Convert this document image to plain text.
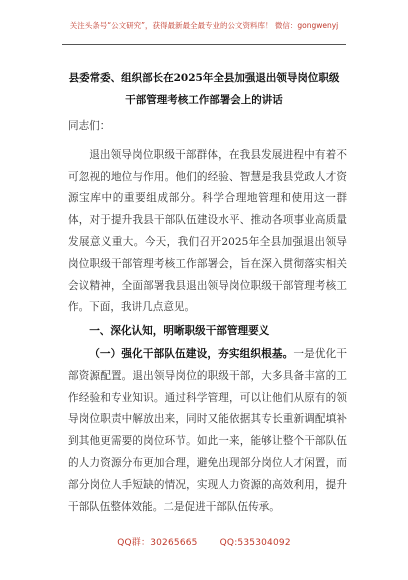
关注头条号“公文研究”，获得最新最全最专业的公文资料库！ 微信：gongwenyj
县委常委、组织部长在2025年全县加强退出领导岗位职级
干部管理考核工作部署会上的讲话

同志们：

退出领导岗位职级干部群体，在我县发展进程中有着不可忽视的地位与作用。他们的经验、智慧是我县党政人才资源宝库中的重要组成部分。科学合理地管理和使用这一群体，对于提升我县干部队伍建设水平、推动各项事业高质量发展意义重大。今天，我们召开2025年全县加强退出领导岗位职级干部管理考核工作部署会，旨在深入贯彻落实相关会议精神，全面部署我县退出领导岗位职级干部管理考核工作。下面，我讲几点意见。

一、深化认知，明晰职级干部管理要义

（一）强化干部队伍建设，夯实组织根基。一是优化干部资源配置。退出领导岗位的职级干部，大多具备丰富的工作经验和专业知识。通过科学管理，可以让他们从原有的领导岗位职责中解放出来，同时又能依据其专长重新调配填补到其他更需要的岗位环节。如此一来，能够让整个干部队伍的人力资源分布更加合理，避免出现部分岗位人才闲置，而部分岗位人手短缺的情况，实现人力资源的高效利用，提升干部队伍整体效能。二是促进干部队伍传承。

QQ群：30265665 QQ:535304092
